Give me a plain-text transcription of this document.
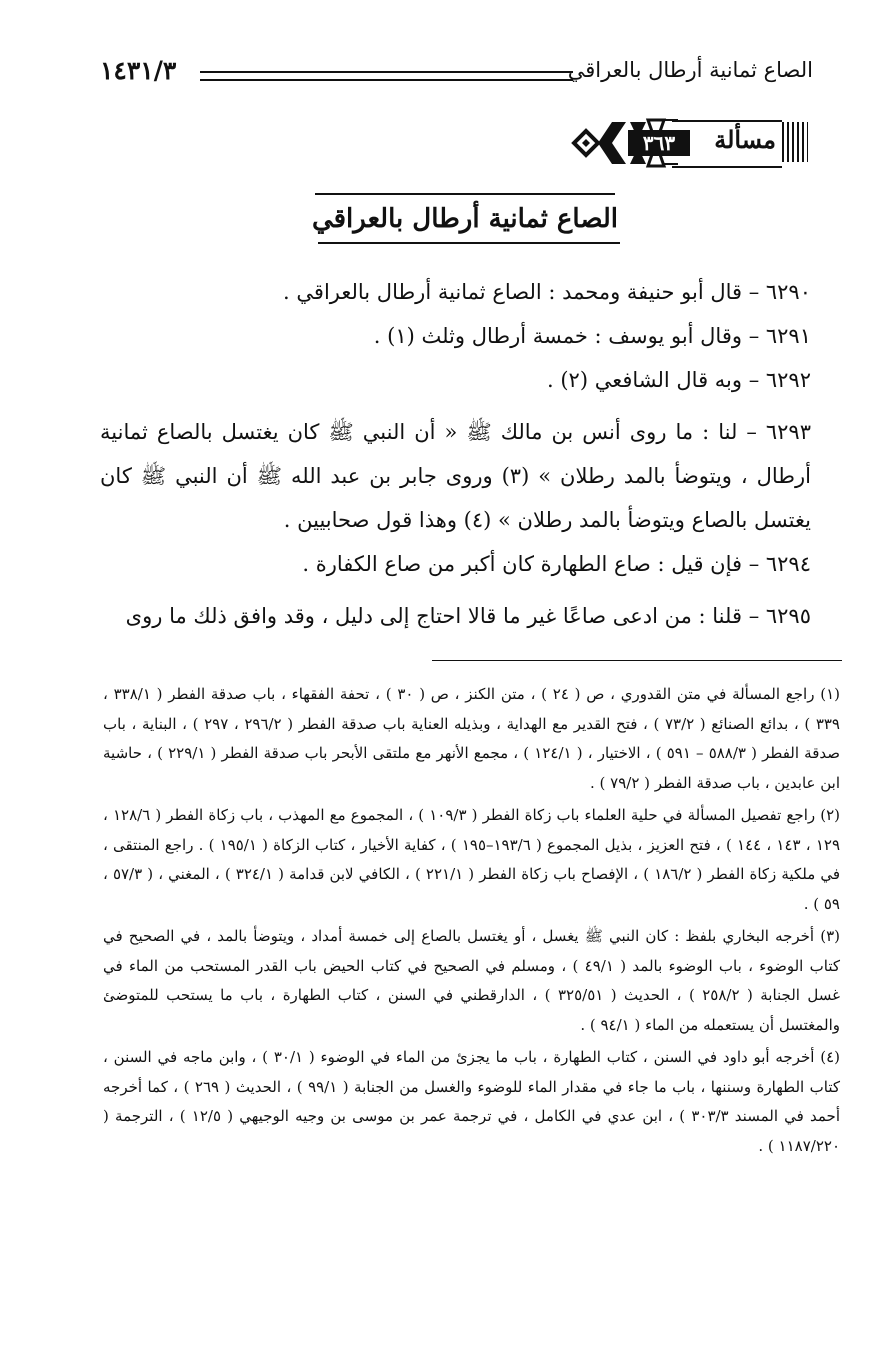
الصاع ثمانية أرطال بالعراقي
١٤٣١/٣
مسألة
٣٦٣
الصاع ثمانية أرطال بالعراقي

٦٢٩٠ – قال أبو حنيفة ومحمد : الصاع ثمانية أرطال بالعراقي .

٦٢٩١ – وقال أبو يوسف : خمسة أرطال وثلث (١) .

٦٢٩٢ – وبه قال الشافعي (٢) .

٦٢٩٣ – لنا : ما روى أنس بن مالك ﷺ « أن النبي ﷺ كان يغتسل بالصاع ثمانية أرطال ، ويتوضأ بالمد رطلان » (٣) وروى جابر بن عبد الله ﷺ أن النبي ﷺ كان يغتسل بالصاع ويتوضأ بالمد رطلان » (٤) وهذا قول صحابيين .

٦٢٩٤ – فإن قيل : صاع الطهارة كان أكبر من صاع الكفارة .

٦٢٩٥ – قلنا : من ادعى صاعًا غير ما قالا احتاج إلى دليل ، وقد وافق ذلك ما روى

(١) راجع المسألة في متن القدوري ، ص ( ٢٤ ) ، متن الكنز ، ص ( ٣٠ ) ، تحفة الفقهاء ، باب صدقة الفطر ( ٣٣٨/١ ، ٣٣٩ ) ، بدائع الصنائع ( ٧٣/٢ ) ، فتح القدير مع الهداية ، وبذيله العناية باب صدقة الفطر ( ٢٩٦/٢ ، ٢٩٧ ) ، البناية ، باب صدقة الفطر ( ٥٨٨/٣ – ٥٩١ ) ، الاختيار ، ( ١٢٤/١ ) ، مجمع الأنهر مع ملتقى الأبحر باب صدقة الفطر ( ٢٢٩/١ ) ، حاشية ابن عابدين ، باب صدقة الفطر ( ٧٩/٢ ) .

(٢) راجع تفصيل المسألة في حلية العلماء باب زكاة الفطر ( ١٠٩/٣ ) ، المجموع مع المهذب ، باب زكاة الفطر ( ١٢٨/٦ ، ١٢٩ ، ١٤٣ ، ١٤٤ ) ، فتح العزيز ، بذيل المجموع ( ١٩٣/٦–١٩٥ ) ، كفاية الأخيار ، كتاب الزكاة ( ١٩٥/١ ) . راجع المنتقى ، في ملكية زكاة الفطر ( ١٨٦/٢ ) ، الإفصاح باب زكاة الفطر ( ٢٢١/١ ) ، الكافي لابن قدامة ( ٣٢٤/١ ) ، المغني ، ( ٥٧/٣ ، ٥٩ ) .

(٣) أخرجه البخاري بلفظ : كان النبي ﷺ يغسل ، أو يغتسل بالصاع إلى خمسة أمداد ، ويتوضأ بالمد ، في الصحيح في كتاب الوضوء ، باب الوضوء بالمد ( ٤٩/١ ) ، ومسلم في الصحيح في كتاب الحيض باب القدر المستحب من الماء في غسل الجنابة ( ٢٥٨/٢ ) ، الحديث ( ٣٢٥/٥١ ) ، الدارقطني في السنن ، كتاب الطهارة ، باب ما يستحب للمتوضئ والمغتسل أن يستعمله من الماء ( ٩٤/١ ) .

(٤) أخرجه أبو داود في السنن ، كتاب الطهارة ، باب ما يجزئ من الماء في الوضوء ( ٣٠/١ ) ، وابن ماجه في السنن ، كتاب الطهارة وسننها ، باب ما جاء في مقدار الماء للوضوء والغسل من الجنابة ( ٩٩/١ ) ، الحديث ( ٢٦٩ ) ، كما أخرجه أحمد في المسند ٣٠٣/٣ ) ، ابن عدي في الكامل ، في ترجمة عمر بن موسى بن وجيه الوجيهي ( ١٢/٥ ) ، الترجمة ( ١١٨٧/٢٢٠ ) .
